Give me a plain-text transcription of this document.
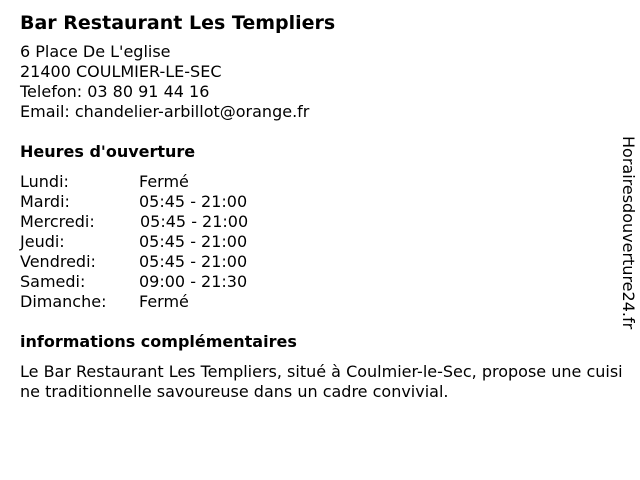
Bar Restaurant Les Templiers
6 Place De L'eglise
21400 COULMIER-LE-SEC
Telefon: 03 80 91 44 16
Email: chandelier-arbillot@orange.fr
Heures d'ouverture
Lundi:	Fermé
Mardi:	05:45 - 21:00
Mercredi:	05:45 - 21:00
Jeudi:	05:45 - 21:00
Vendredi:	05:45 - 21:00
Samedi:	09:00 - 21:30
Dimanche: Fermé
informations complémentaires
Le Bar Restaurant Les Templiers, situé à Coulmier-le-Sec, propose une cuisine traditionnelle savoureuse dans un cadre convivial.
Horairesdouverture24.fr
